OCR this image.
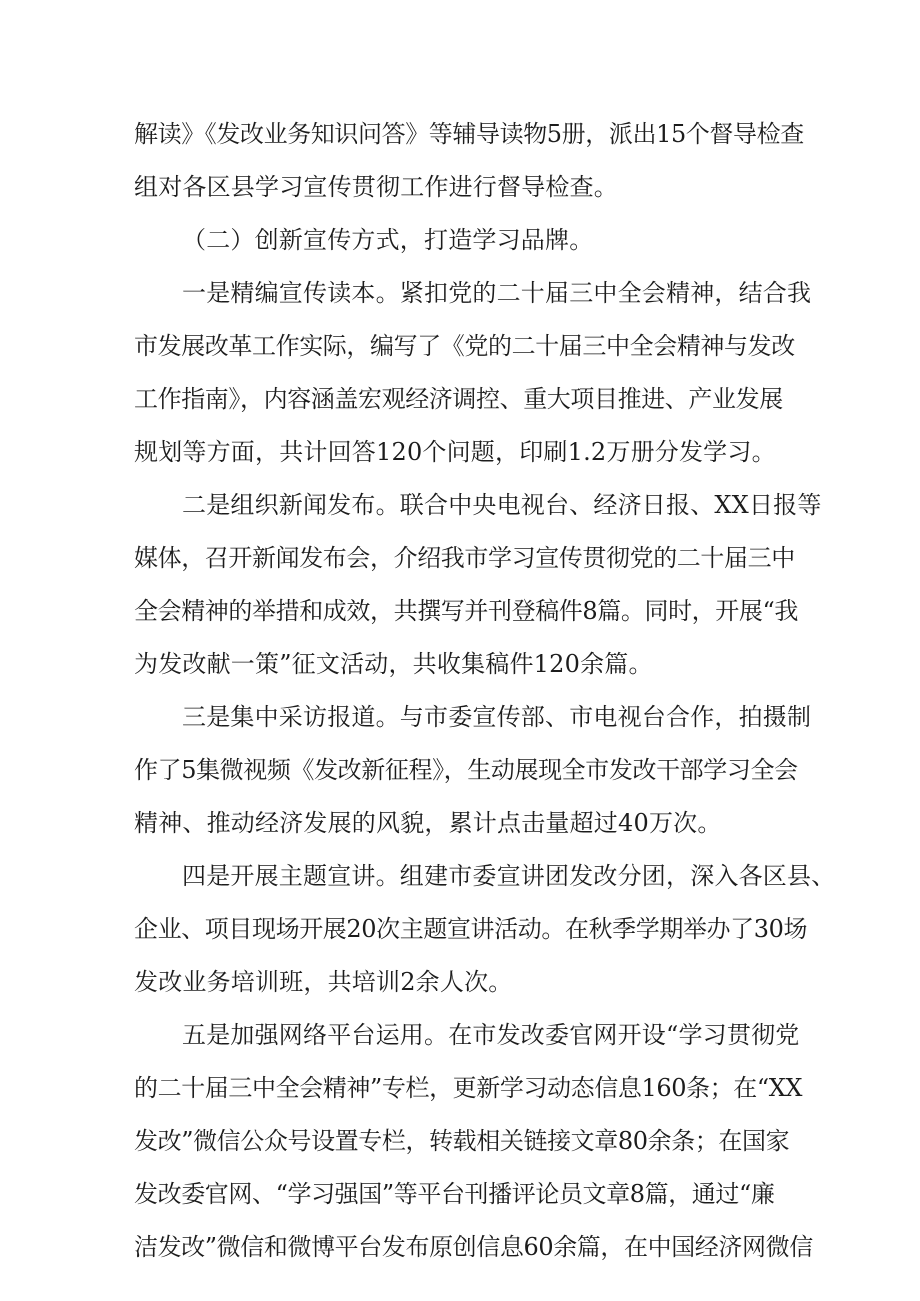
解读》《发改业务知识问答》等辅导读物5册，派出15个督导检查
组对各区县学习宣传贯彻工作进行督导检查。
（二）创新宣传方式，打造学习品牌。
一是精编宣传读本。紧扣党的二十届三中全会精神，结合我
市发展改革工作实际，编写了《党的二十届三中全会精神与发改
工作指南》，内容涵盖宏观经济调控、重大项目推进、产业发展
规划等方面，共计回答120个问题，印刷1.2万册分发学习。
二是组织新闻发布。联合中央电视台、经济日报、XX日报等
媒体，召开新闻发布会，介绍我市学习宣传贯彻党的二十届三中
全会精神的举措和成效，共撰写并刊登稿件8篇。同时，开展“我
为发改献一策”征文活动，共收集稿件120余篇。
三是集中采访报道。与市委宣传部、市电视台合作，拍摄制
作了5集微视频《发改新征程》，生动展现全市发改干部学习全会
精神、推动经济发展的风貌，累计点击量超过40万次。
四是开展主题宣讲。组建市委宣讲团发改分团，深入各区县、
企业、项目现场开展20次主题宣讲活动。在秋季学期举办了30场
发改业务培训班，共培训2余人次。
五是加强网络平台运用。在市发改委官网开设“学习贯彻党
的二十届三中全会精神”专栏，更新学习动态信息160条；在“XX
发改”微信公众号设置专栏，转载相关链接文章80余条；在国家
发改委官网、“学习强国”等平台刊播评论员文章8篇，通过“廉
洁发改”微信和微博平台发布原创信息60余篇，在中国经济网微信
